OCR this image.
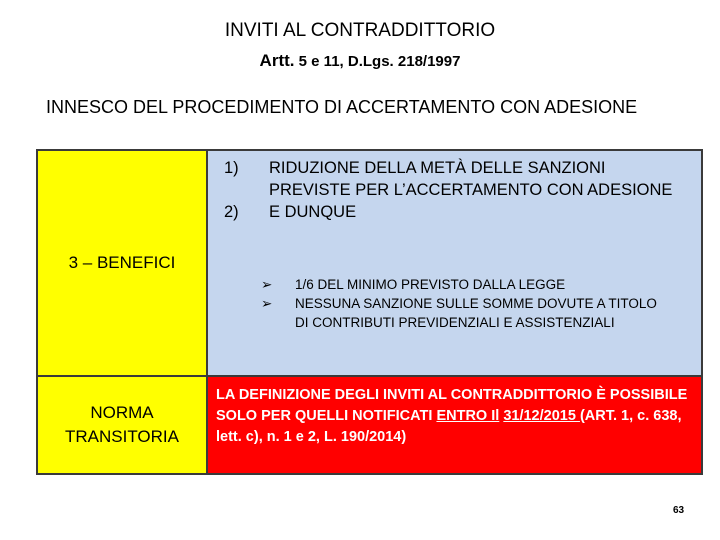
INVITI AL CONTRADDITTORIO
Artt. 5 e 11, D.Lgs. 218/1997
INNESCO DEL PROCEDIMENTO DI ACCERTAMENTO CON ADESIONE
3 – BENEFICI
1) RIDUZIONE DELLA METÀ DELLE SANZIONI PREVISTE PER L’ACCERTAMENTO CON ADESIONE
2) E DUNQUE
➢ 1/6 DEL MINIMO PREVISTO DALLA LEGGE
➢ NESSUNA SANZIONE SULLE SOMME DOVUTE A TITOLO DI CONTRIBUTI PREVIDENZIALI E ASSISTENZIALI
NORMA TRANSITORIA
LA DEFINIZIONE DEGLI INVITI AL CONTRADDITTORIO È POSSIBILE SOLO PER QUELLI NOTIFICATI ENTRO Il 31/12/2015 (ART. 1, c. 638, lett. c), n. 1 e 2, L. 190/2014)
63
